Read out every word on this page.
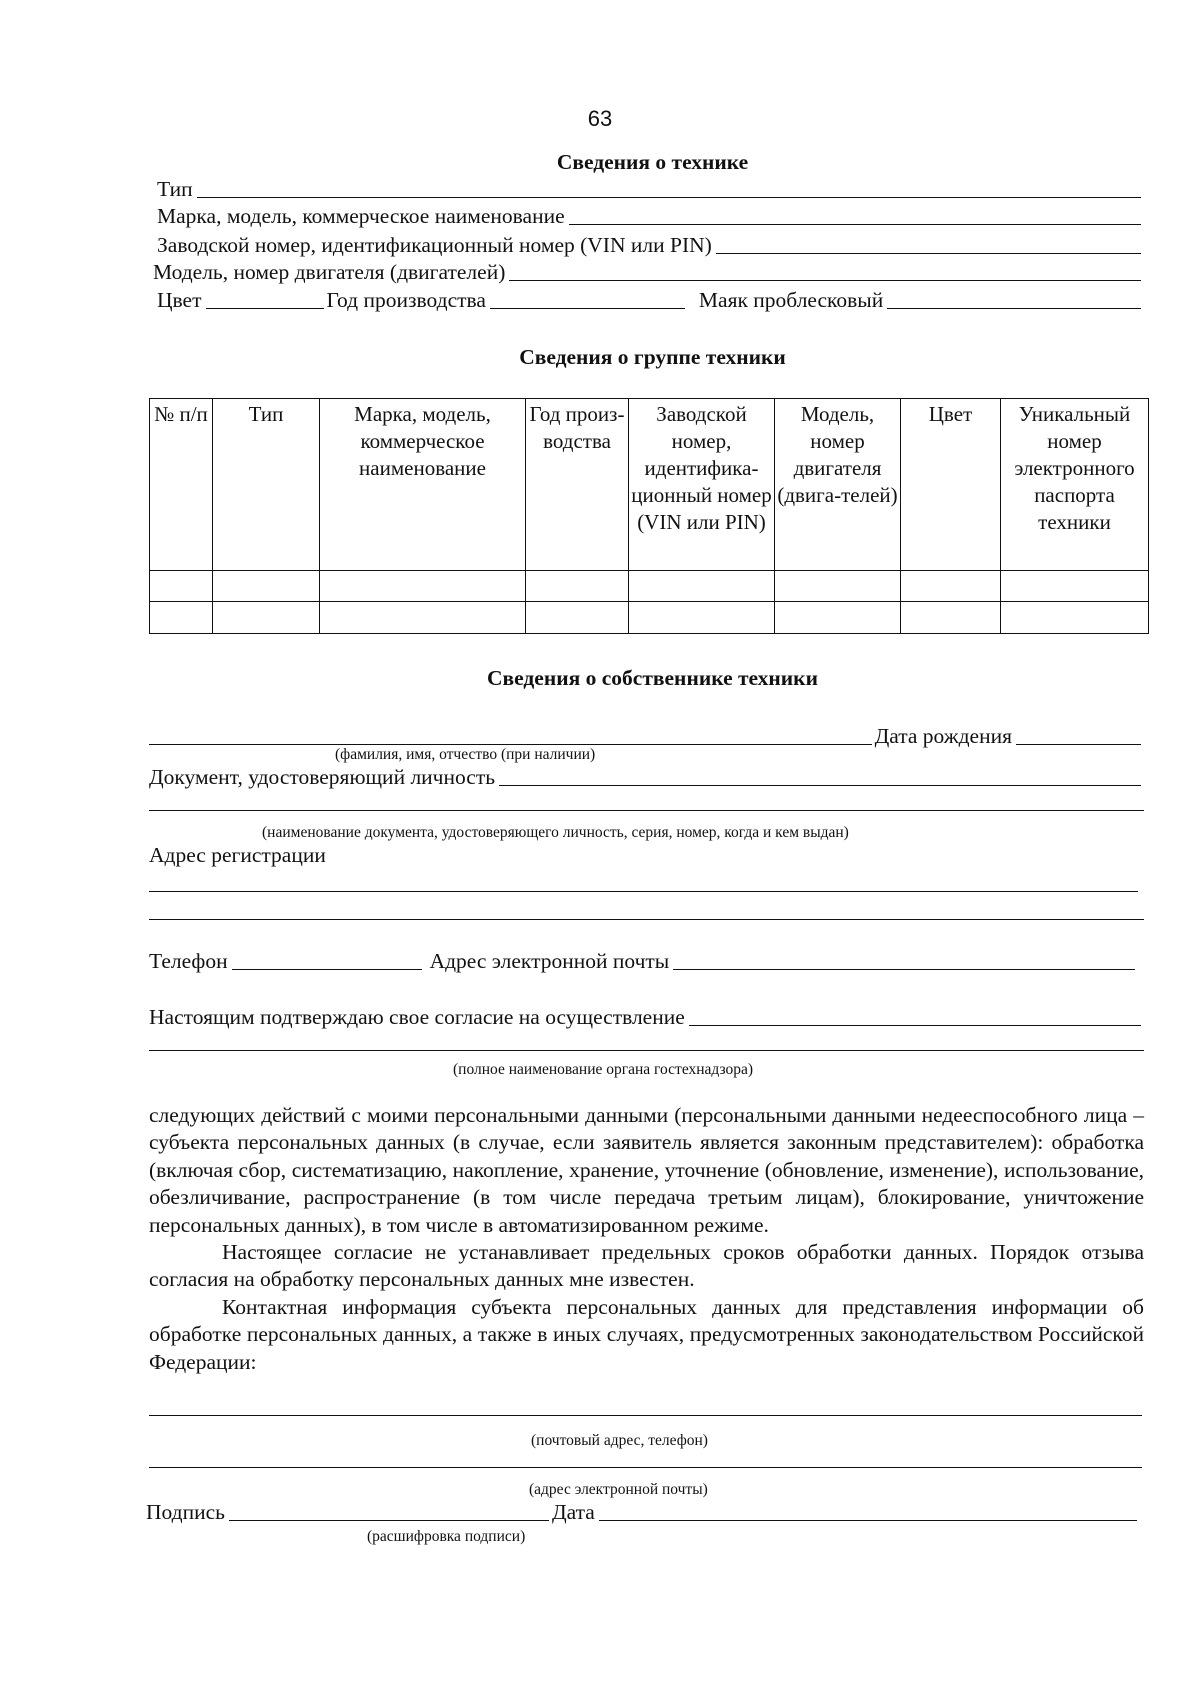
63
Сведения о технике
Тип
Марка, модель, коммерческое наименование
Заводской номер, идентификационный номер (VIN или PIN)
Модель, номер двигателя (двигателей)
Цвет	Год производства	Маяк проблесковый
Сведения о группе техники
№ п/п	Тип	Марка, модель, коммерческое наименование	Год произ-водства	Заводской номер, идентифика-ционный номер (VIN или PIN)	Модель, номер двигателя (двига-телей)	Цвет	Уникальный номер электронного паспорта техники

Сведения о собственнике техники
Дата рождения
(фамилия, имя, отчество (при наличии)
Документ, удостоверяющий личность
(наименование документа, удостоверяющего личность, серия, номер, когда и кем выдан)
Адрес регистрации
Телефон	Адрес электронной почты
Настоящим подтверждаю свое согласие на осуществление
(полное наименование органа гостехнадзора)

следующих действий с моими персональными данными (персональными данными недееспособного лица – субъекта персональных данных (в случае, если заявитель является законным представителем): обработка (включая сбор, систематизацию, накопление, хранение, уточнение (обновление, изменение), использование, обезличивание, распространение (в том числе передача третьим лицам), блокирование, уничтожение персональных данных), в том числе в автоматизированном режиме.

Настоящее согласие не устанавливает предельных сроков обработки данных. Порядок отзыва согласия на обработку персональных данных мне известен.

Контактная информация субъекта персональных данных для представления информации об обработке персональных данных, а также в иных случаях, предусмотренных законодательством Российской Федерации:

(почтовый адрес, телефон)
(адрес электронной почты)
Подпись	Дата
(расшифровка подписи)
